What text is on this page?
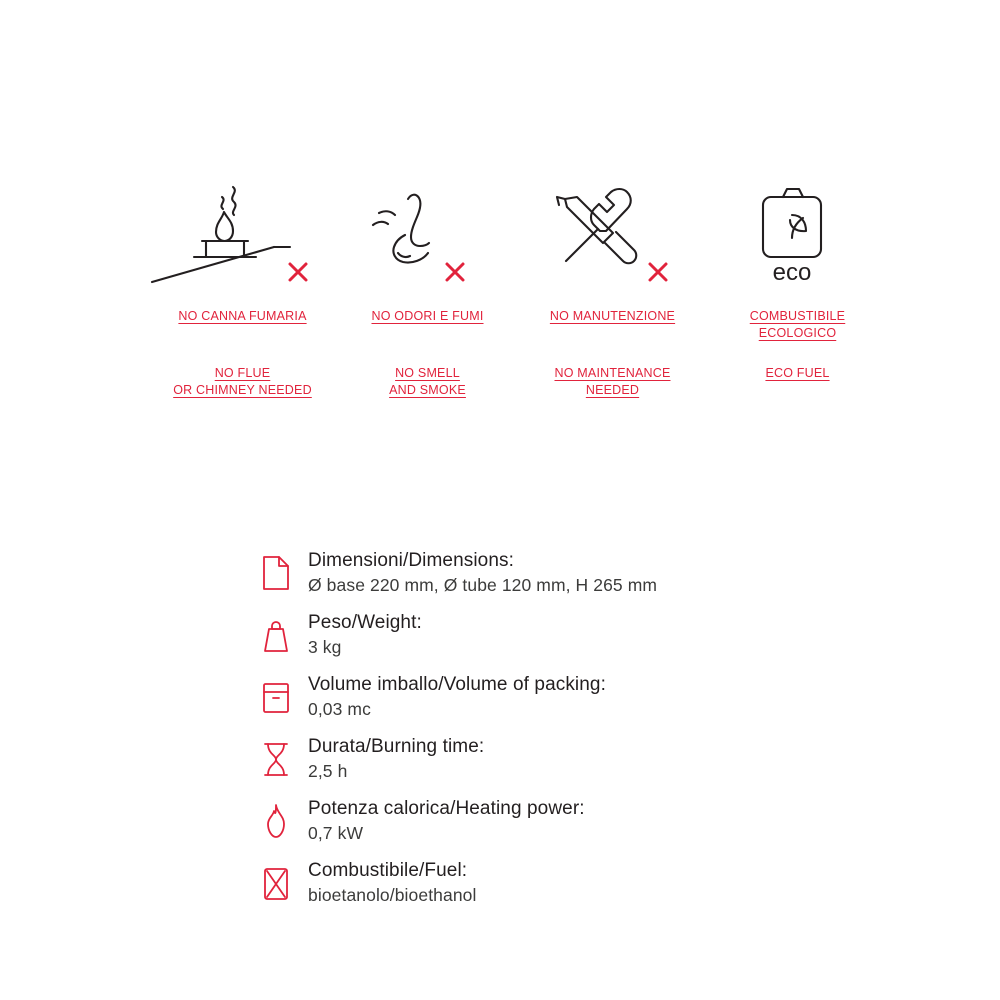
NO CANNA FUMARIA
NO FLUE
OR CHIMNEY NEEDED
NO ODORI E FUMI
NO SMELL
AND SMOKE
NO MANUTENZIONE
NO MAINTENANCE
NEEDED
eco
COMBUSTIBILE
ECOLOGICO
ECO FUEL
Dimensioni/Dimensions:
Ø base 220 mm, Ø tube 120 mm, H 265 mm
Peso/Weight:
3 kg
Volume imballo/Volume of packing:
0,03 mc
Durata/Burning time:
2,5 h
Potenza calorica/Heating power:
0,7 kW
Combustibile/Fuel:
bioetanolo/bioethanol
